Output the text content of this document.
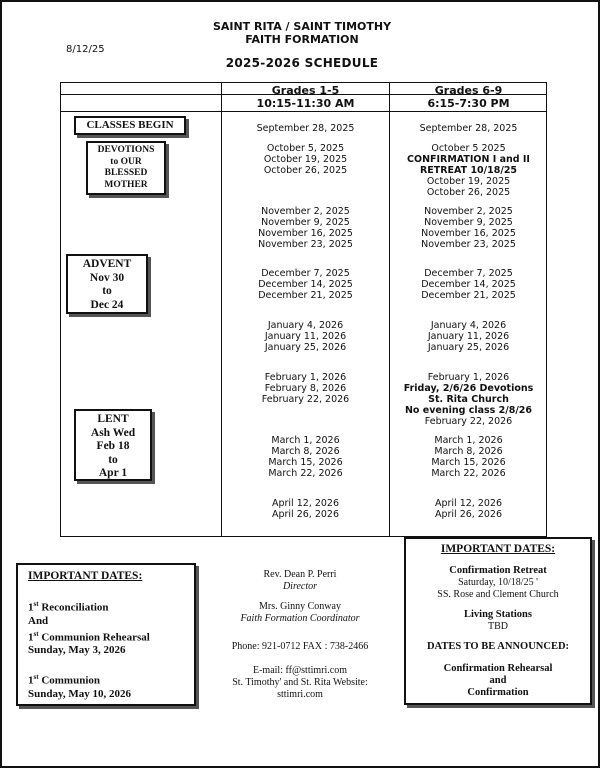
SAINT RITA / SAINT TIMOTHY
FAITH FORMATION
8/12/25
2025-2026 SCHEDULE
Grades 1-5
10:15-11:30 AM
Grades 6-9
6:15-7:30 PM
CLASSES BEGIN
DEVOTIONS
to OUR
BLESSED
MOTHER
ADVENT
Nov 30
to
Dec 24
LENT
Ash Wed
Feb 18
to
Apr 1
September 28, 2025
October 5, 2025
October 19, 2025
October 26, 2025
November 2, 2025
November 9, 2025
November 16, 2025
November 23, 2025
December 7, 2025
December 14, 2025
December 21, 2025
January 4, 2026
January 11, 2026
January 25, 2026
February 1, 2026
February 8, 2026
February 22, 2026
March 1, 2026
March 8, 2026
March 15, 2026
March 22, 2026
April 12, 2026
April 26, 2026
September 28, 2025
October 5 2025
CONFIRMATION I and II
RETREAT 10/18/25
October 19, 2025
October 26, 2025
November 2, 2025
November 9, 2025
November 16, 2025
November 23, 2025
December 7, 2025
December 14, 2025
December 21, 2025
January 4, 2026
January 11, 2026
January 25, 2026
February 1, 2026
Friday, 2/6/26 Devotions
St. Rita Church
No evening class 2/8/26
February 22, 2026
March 1, 2026
March 8, 2026
March 15, 2026
March 22, 2026
April 12, 2026
April 26, 2026
IMPORTANT DATES:
1st Reconciliation
And
1st Communion Rehearsal
Sunday, May 3, 2026
1st Communion
Sunday, May 10, 2026
Rev. Dean P. Perri
Director
Mrs. Ginny Conway
Faith Formation Coordinator
Phone: 921-0712 FAX : 738-2466
E-mail: ff@sttimri.com
St. Timothy' and St. Rita Website:
sttimri.com
IMPORTANT DATES:
Confirmation Retreat
Saturday, 10/18/25 '
SS. Rose and Clement Church
Living Stations
TBD
DATES TO BE ANNOUNCED:
Confirmation Rehearsal
and
Confirmation
